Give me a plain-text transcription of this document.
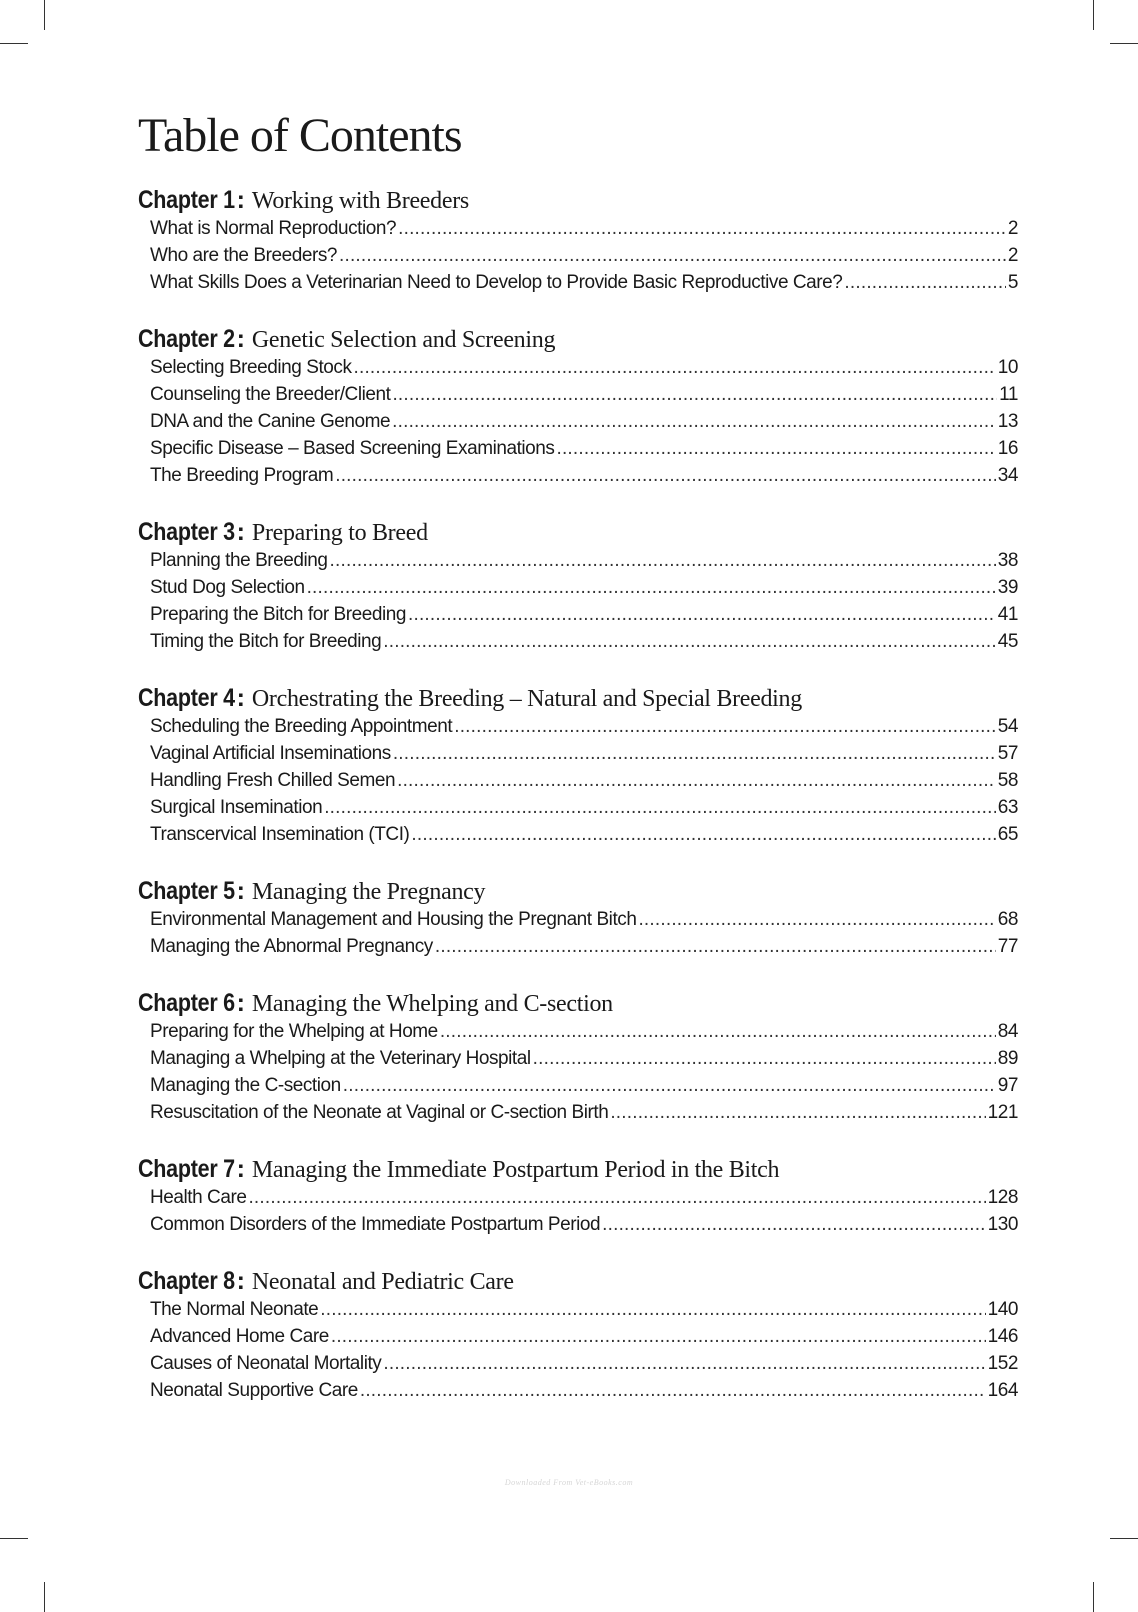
Table of Contents
Chapter 1: Working with Breeders
What is Normal Reproduction? .....	2
Who are the Breeders? .....	2
What Skills Does a Veterinarian Need to Develop to Provide Basic Reproductive Care? .....	5
Chapter 2: Genetic Selection and Screening
Selecting Breeding Stock .....	10
Counseling the Breeder/Client .....	11
DNA and the Canine Genome .....	13
Specific Disease – Based Screening Examinations .....	16
The Breeding Program .....	34
Chapter 3: Preparing to Breed
Planning the Breeding .....	38
Stud Dog Selection .....	39
Preparing the Bitch for Breeding .....	41
Timing the Bitch for Breeding .....	45
Chapter 4: Orchestrating the Breeding – Natural and Special Breeding
Scheduling the Breeding Appointment .....	54
Vaginal Artificial Inseminations .....	57
Handling Fresh Chilled Semen .....	58
Surgical Insemination .....	63
Transcervical Insemination (TCI) .....	65
Chapter 5: Managing the Pregnancy
Environmental Management and Housing the Pregnant Bitch .....	68
Managing the Abnormal Pregnancy .....	77
Chapter 6: Managing the Whelping and C-section
Preparing for the Whelping at Home .....	84
Managing a Whelping at the Veterinary Hospital .....	89
Managing the C-section .....	97
Resuscitation of the Neonate at Vaginal or C-section Birth .....	121
Chapter 7: Managing the Immediate Postpartum Period in the Bitch
Health Care .....	128
Common Disorders of the Immediate Postpartum Period .....	130
Chapter 8: Neonatal and Pediatric Care
The Normal Neonate .....	140
Advanced Home Care .....	146
Causes of Neonatal Mortality .....	152
Neonatal Supportive Care .....	164
Downloaded From Vet-eBooks.com
